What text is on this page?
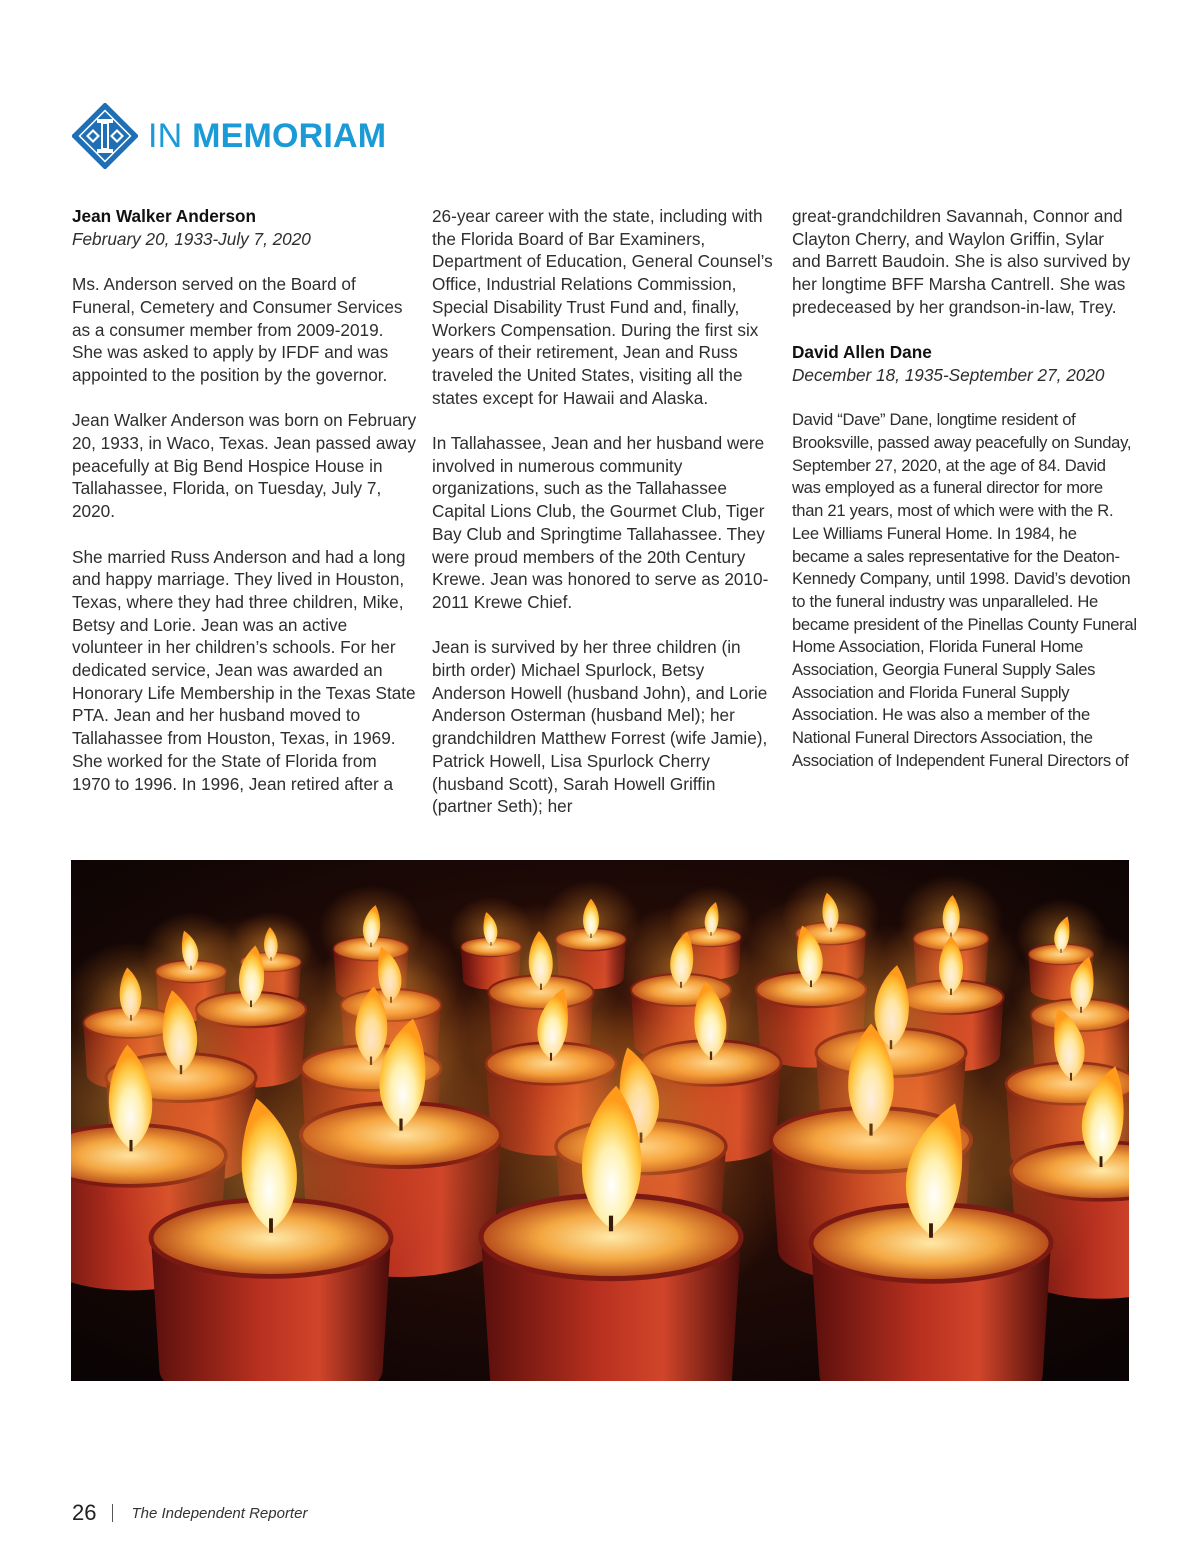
IN MEMORIAM

Jean Walker Anderson

February 20, 1933-July 7, 2020

Ms. Anderson served on the Board of Funeral, Cemetery and Consumer Services as a consumer member from 2009-2019. She was asked to apply by IFDF and was appointed to the position by the governor.

Jean Walker Anderson was born on February 20, 1933, in Waco, Texas. Jean passed away peacefully at Big Bend Hospice House in Tallahassee, Florida, on Tuesday, July 7, 2020.

She married Russ Anderson and had a long and happy marriage. They lived in Houston, Texas, where they had three children, Mike, Betsy and Lorie. Jean was an active volunteer in her children’s schools. For her dedicated service, Jean was awarded an Honorary Life Membership in the Texas State PTA. Jean and her husband moved to Tallahassee from Houston, Texas, in 1969. She worked for the State of Florida from 1970 to 1996. In 1996, Jean retired after a

26-year career with the state, including with the Florida Board of Bar Examiners, Department of Education, General Counsel’s Office, Industrial Relations Commission, Special Disability Trust Fund and, finally, Workers Compensation. During the first six years of their retirement, Jean and Russ traveled the United States, visiting all the states except for Hawaii and Alaska.

In Tallahassee, Jean and her husband were involved in numerous community organizations, such as the Tallahassee Capital Lions Club, the Gourmet Club, Tiger Bay Club and Springtime Tallahassee. They were proud members of the 20th Century Krewe. Jean was honored to serve as 2010-2011 Krewe Chief.

Jean is survived by her three children (in birth order) Michael Spurlock, Betsy Anderson Howell (husband John), and Lorie Anderson Osterman (husband Mel); her grandchildren Matthew Forrest (wife Jamie), Patrick Howell, Lisa Spurlock Cherry (husband Scott), Sarah Howell Griffin (partner Seth); her

great-grandchildren Savannah, Connor and Clayton Cherry, and Waylon Griffin, Sylar and Barrett Baudoin. She is also survived by her longtime BFF Marsha Cantrell. She was predeceased by her grandson-in-law, Trey.

David Allen Dane

December 18, 1935-September 27, 2020

David “Dave” Dane, longtime resident of Brooksville, passed away peacefully on Sunday, September 27, 2020, at the age of 84. David was employed as a funeral director for more than 21 years, most of which were with the R. Lee Williams Funeral Home. In 1984, he became a sales representative for the Deaton-Kennedy Company, until 1998. David’s devotion to the funeral industry was unparalleled. He became president of the Pinellas County Funeral Home Association, Florida Funeral Home Association, Georgia Funeral Supply Sales Association and Florida Funeral Supply Association. He was also a member of the National Funeral Directors Association, the Association of Independent Funeral Directors of

26 The Independent Reporter
